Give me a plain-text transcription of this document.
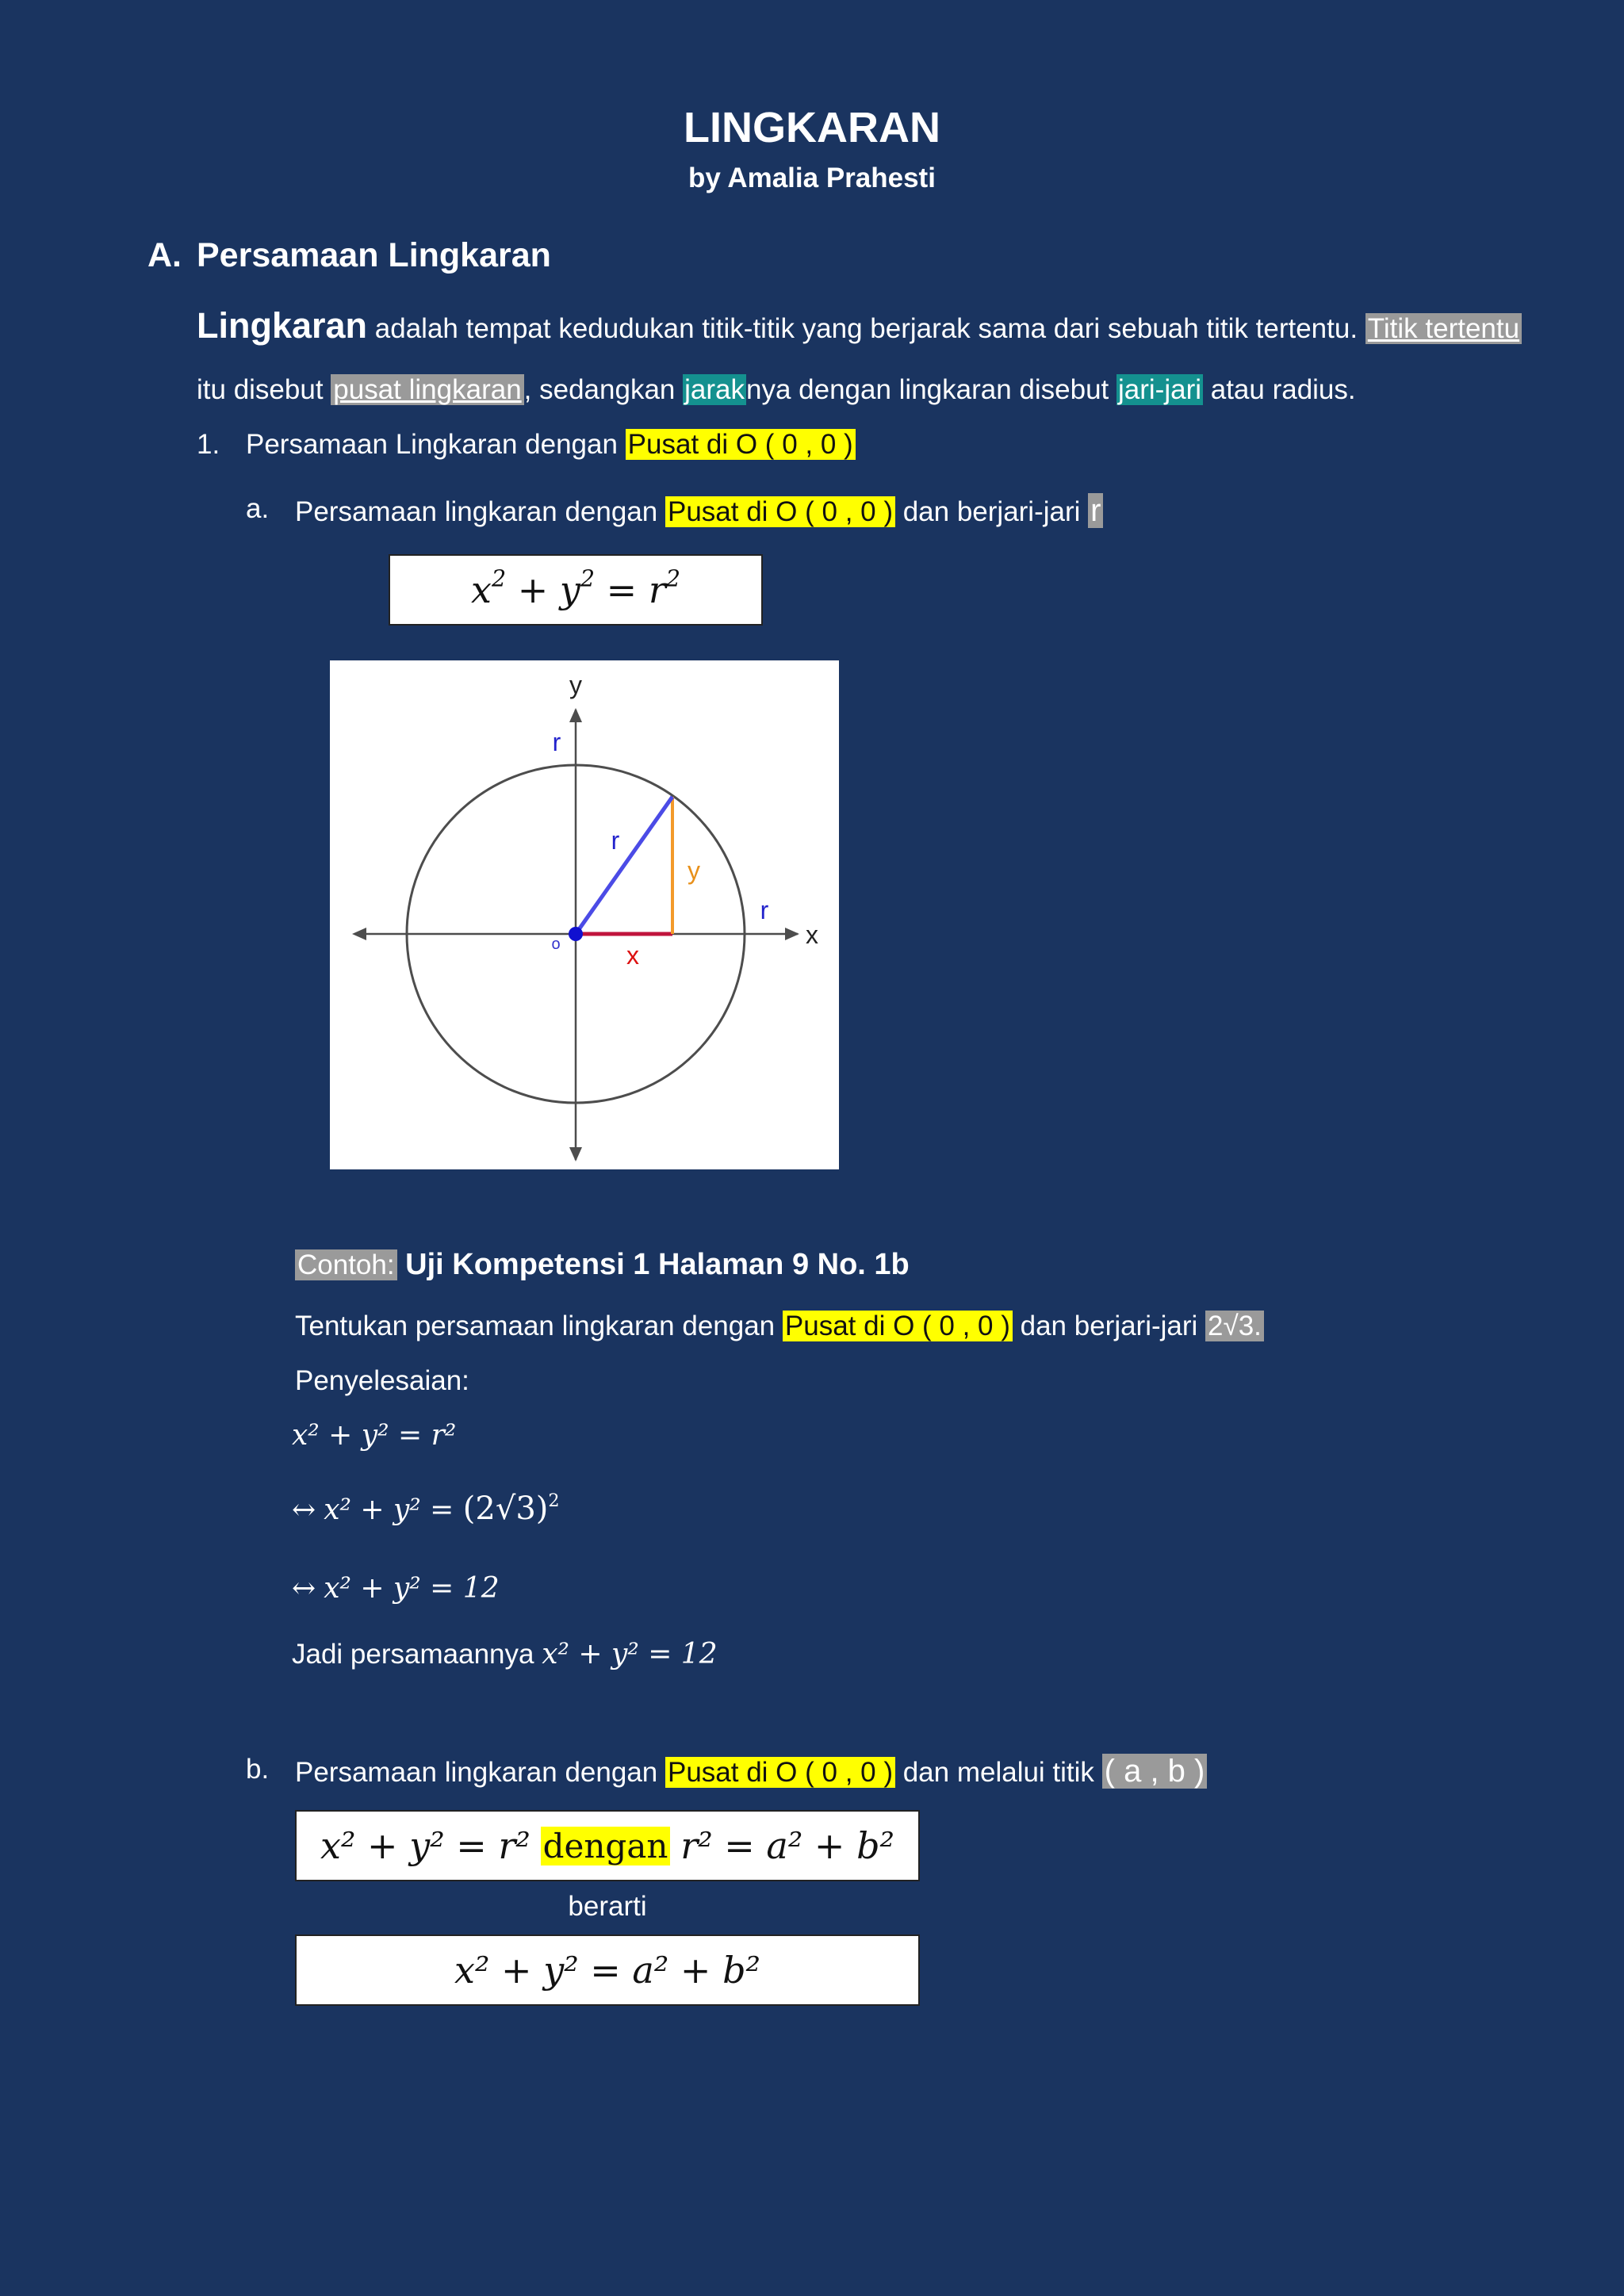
LINGKARAN
by Amalia Prahesti
A. Persamaan Lingkaran
Lingkaran adalah tempat kedudukan titik-titik yang berjarak sama dari sebuah titik tertentu. Titik tertentu
itu disebut pusat lingkaran, sedangkan jaraknya dengan lingkaran disebut jari-jari atau radius.
1. Persamaan Lingkaran dengan Pusat di O ( 0 , 0 )
a. Persamaan lingkaran dengan Pusat di O ( 0 , 0 ) dan berjari-jari r
$x^2 + y^2 = r^2$
y
x
o
r
r
r
y
x
Contoh: Uji Kompetensi 1 Halaman 9 No. 1b
Tentukan persamaan lingkaran dengan Pusat di O ( 0 , 0 ) dan berjari-jari 2√3.
Penyelesaian:
x² + y² = r²
↔ $x^2 + y^2 = (2√3)^2$
↔ x² + y² = 12
Jadi persamaannya x² + y² = 12
b. Persamaan lingkaran dengan Pusat di O ( 0 , 0 ) dan melalui titik ( a , b )
x² + y² = r²
dengan
r² = a² + b²
berarti
x² + y² = a² + b²
